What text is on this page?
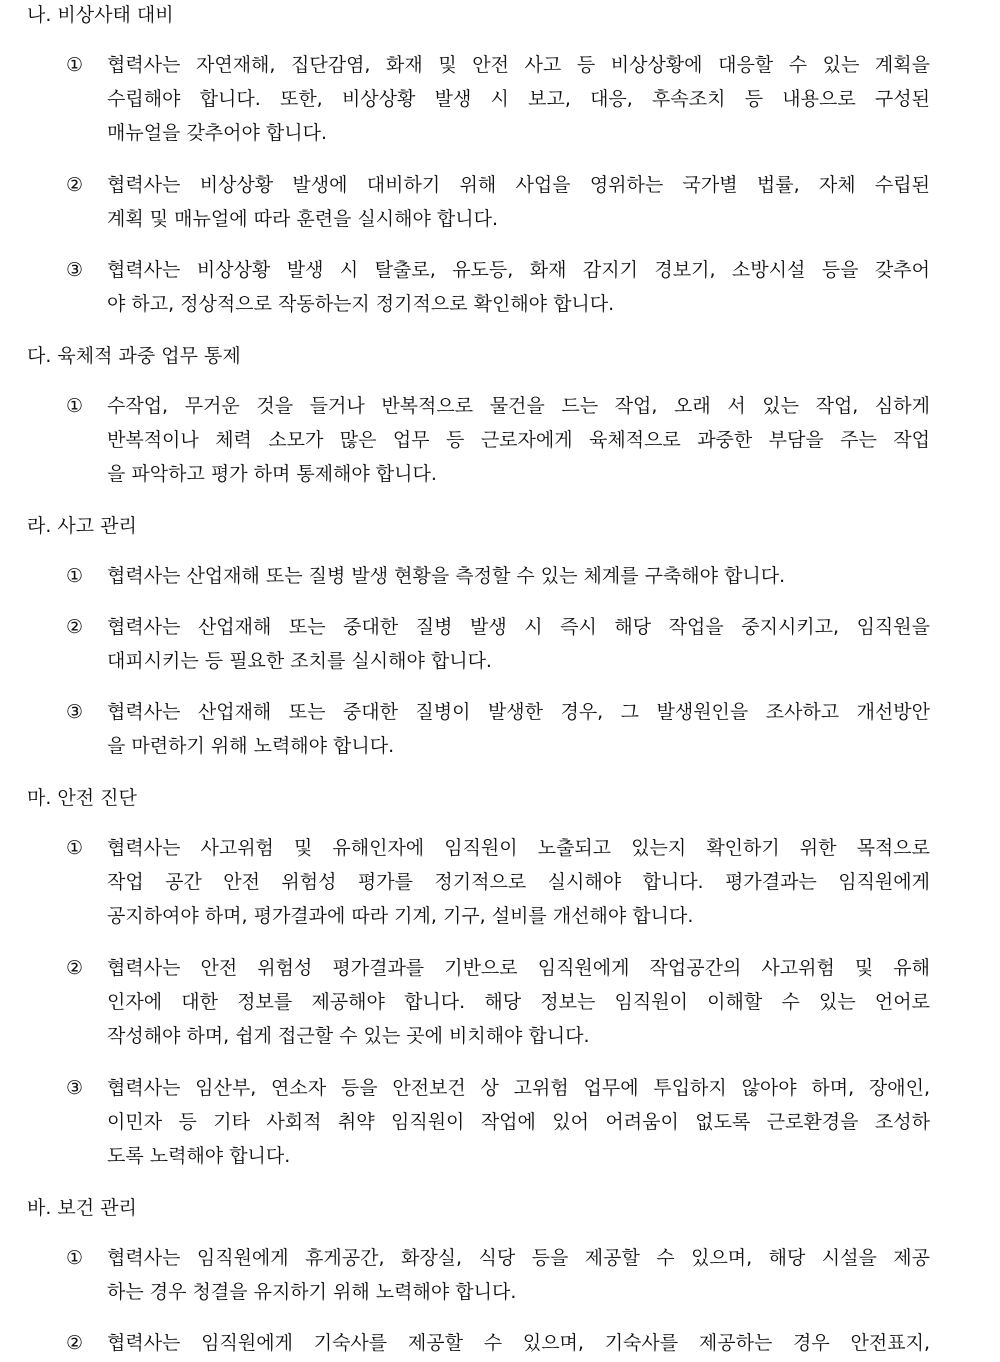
나. 비상사태 대비
①	협력사는 자연재해, 집단감염, 화재 및 안전 사고 등 비상상황에 대응할 수 있는 계획을
수립해야 합니다. 또한, 비상상황 발생 시 보고, 대응, 후속조치 등 내용으로 구성된
매뉴얼을 갖추어야 합니다.
②	협력사는 비상상황 발생에 대비하기 위해 사업을 영위하는 국가별 법률, 자체 수립된
계획 및 매뉴얼에 따라 훈련을 실시해야 합니다.
③	협력사는 비상상황 발생 시 탈출로, 유도등, 화재 감지기 경보기, 소방시설 등을 갖추어
야 하고, 정상적으로 작동하는지 정기적으로 확인해야 합니다.
다. 육체적 과중 업무 통제
①	수작업, 무거운 것을 들거나 반복적으로 물건을 드는 작업, 오래 서 있는 작업, 심하게
반복적이나 체력 소모가 많은 업무 등 근로자에게 육체적으로 과중한 부담을 주는 작업
을 파악하고 평가 하며 통제해야 합니다.
라. 사고 관리
①	협력사는 산업재해 또는 질병 발생 현황을 측정할 수 있는 체계를 구축해야 합니다.
②	협력사는 산업재해 또는 중대한 질병 발생 시 즉시 해당 작업을 중지시키고, 임직원을
대피시키는 등 필요한 조치를 실시해야 합니다.
③	협력사는 산업재해 또는 중대한 질병이 발생한 경우, 그 발생원인을 조사하고 개선방안
을 마련하기 위해 노력해야 합니다.
마. 안전 진단
①	협력사는 사고위험 및 유해인자에 임직원이 노출되고 있는지 확인하기 위한 목적으로
작업 공간 안전 위험성 평가를 정기적으로 실시해야 합니다. 평가결과는 임직원에게
공지하여야 하며, 평가결과에 따라 기계, 기구, 설비를 개선해야 합니다.
②	협력사는 안전 위험성 평가결과를 기반으로 임직원에게 작업공간의 사고위험 및 유해
인자에 대한 정보를 제공해야 합니다. 해당 정보는 임직원이 이해할 수 있는 언어로
작성해야 하며, 쉽게 접근할 수 있는 곳에 비치해야 합니다.
③	협력사는 임산부, 연소자 등을 안전보건 상 고위험 업무에 투입하지 않아야 하며, 장애인,
이민자 등 기타 사회적 취약 임직원이 작업에 있어 어려움이 없도록 근로환경을 조성하
도록 노력해야 합니다.
바. 보건 관리
①	협력사는 임직원에게 휴게공간, 화장실, 식당 등을 제공할 수 있으며, 해당 시설을 제공
하는 경우 청결을 유지하기 위해 노력해야 합니다.
②	협력사는 임직원에게 기숙사를 제공할 수 있으며, 기숙사를 제공하는 경우 안전표지,
